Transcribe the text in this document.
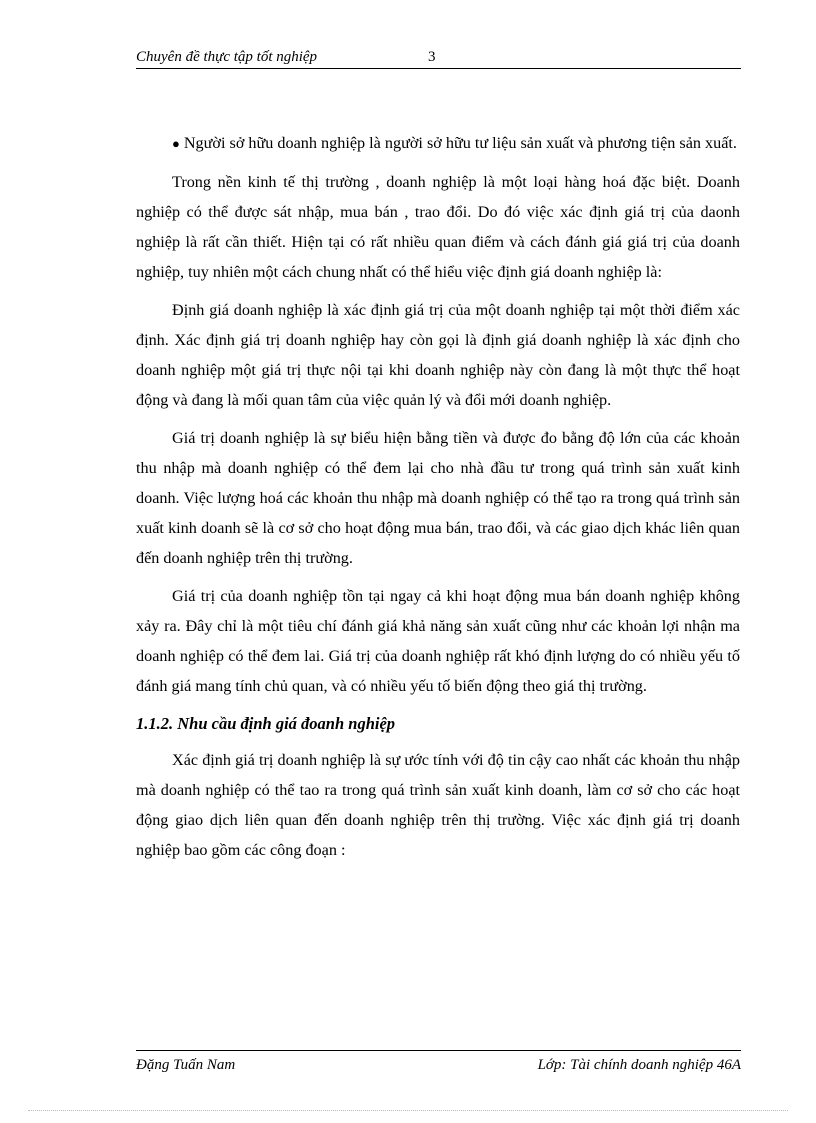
Chuyên đề thực tập tốt nghiệp	3

● Người sở hữu doanh nghiệp là người sở hữu tư liệu sản xuất và phương tiện sản xuất.

Trong nền kinh tế thị trường , doanh nghiệp là một loại hàng hoá đặc biệt. Doanh nghiệp có thể được sát nhập, mua bán , trao đổi. Do đó việc xác định giá trị của daonh nghiệp là rất cần thiết. Hiện tại có rất nhiều quan điểm và cách đánh giá giá trị của doanh nghiệp, tuy nhiên một cách chung nhất có thể hiểu việc định giá doanh nghiệp là:

Định giá doanh nghiệp là xác định giá trị của một doanh nghiệp tại một thời điểm xác định. Xác định giá trị doanh nghiệp hay còn gọi là định giá doanh nghiệp là xác định cho doanh nghiệp một giá trị thực nội tại khi doanh nghiệp này còn đang là một thực thể hoạt động và đang là mối quan tâm của việc quản lý và đổi mới doanh nghiệp.

Giá trị doanh nghiệp là sự biểu hiện bằng tiền và được đo bằng độ lớn của các khoản thu nhập mà doanh nghiệp có thể đem lại cho nhà đầu tư trong quá trình sản xuất kinh doanh. Việc lượng hoá các khoản thu nhập mà doanh nghiệp có thể tạo ra trong quá trình sản xuất kinh doanh sẽ là cơ sở cho hoạt động mua bán, trao đổi, và các giao dịch khác liên quan đến doanh nghiệp trên thị trường.

Giá trị của doanh nghiệp tồn tại ngay cả khi hoạt động mua bán doanh nghiệp không xảy ra. Đây chỉ là một tiêu chí đánh giá khả năng sản xuất cũng như các khoản lợi nhận ma doanh nghiệp có thể đem lai. Giá trị của doanh nghiệp rất khó định lượng do có nhiều yếu tố đánh giá mang tính chủ quan, và có nhiều yếu tố biến động theo giá thị trường.

1.1.2. Nhu cầu định giá đoanh nghiệp

Xác định giá trị doanh nghiệp là sự ước tính với độ tin cậy cao nhất các khoản thu nhập mà doanh nghiệp có thể tao ra trong quá trình sản xuất kinh doanh, làm cơ sở cho các hoạt động giao dịch liên quan đến doanh nghiệp trên thị trường. Việc xác định giá trị doanh nghiệp bao gồm các công đoạn :

Đặng Tuấn Nam	Lớp: Tài chính doanh nghiệp 46A
